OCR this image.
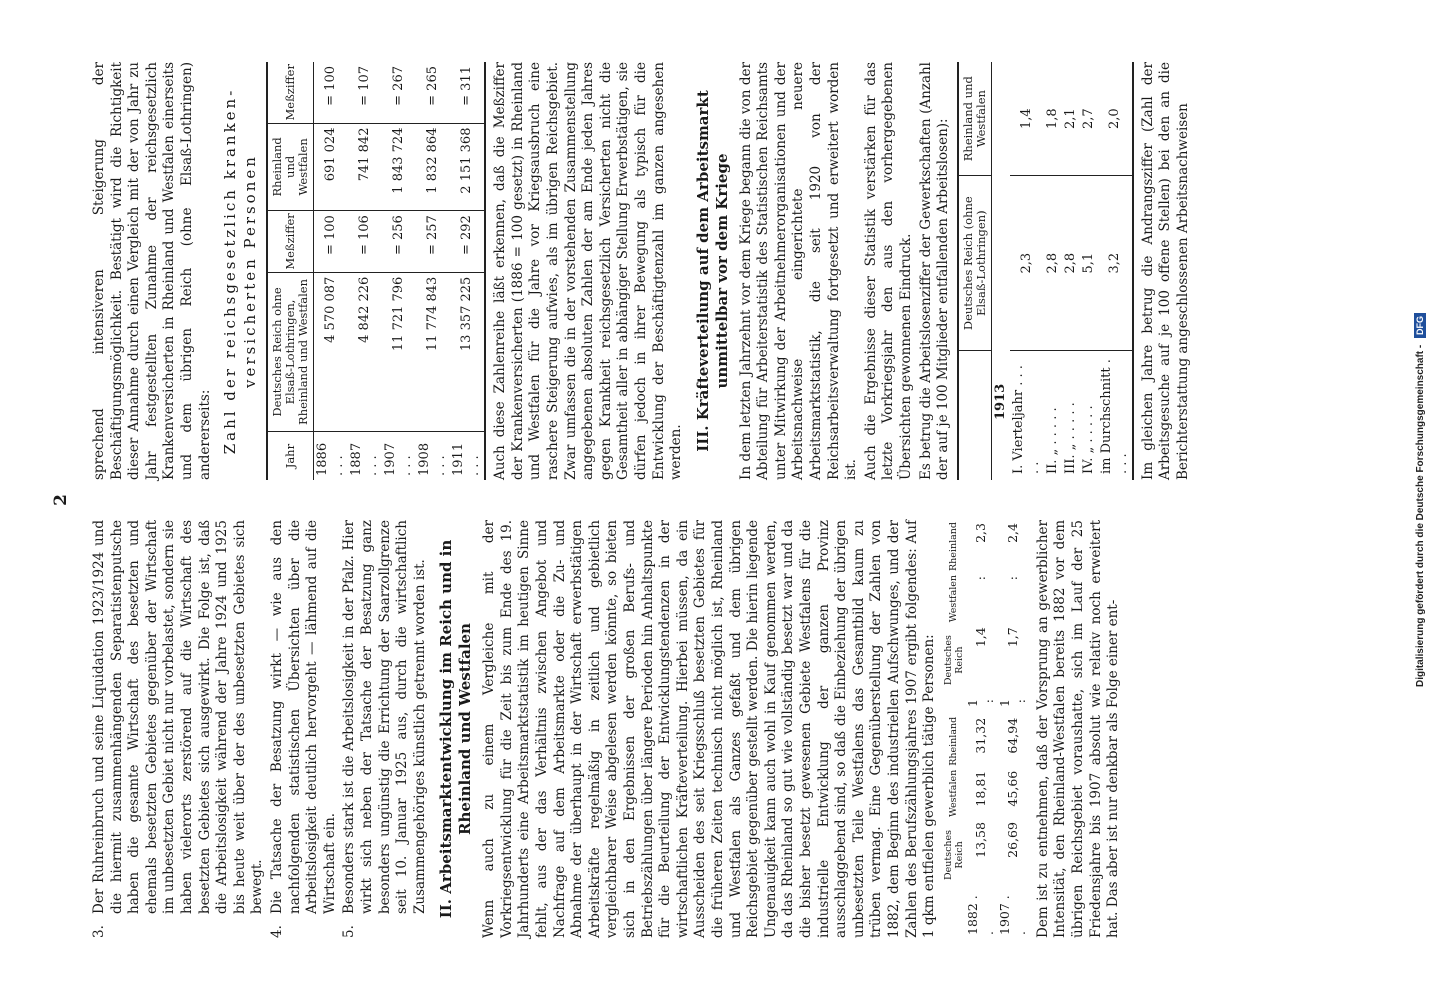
2
3.
Der Ruhreinbruch und seine Liquidation 1923/1924 und die hiermit zusammenhängenden Separatistenputsche haben die gesamte Wirtschaft des besetzten und ehemals besetzten Gebietes gegenüber der Wirtschaft im unbesetzten Gebiet nicht nur vorbelastet, sondern sie haben vielerorts zerstörend auf die Wirtschaft des besetzten Gebietes sich ausgewirkt. Die Folge ist, daß die Arbeitslosigkeit während der Jahre 1924 und 1925 bis heute weit über der des unbesetzten Gebietes sich bewegt.
4.
Die Tatsache der Besatzung wirkt — wie aus den nachfolgenden statistischen Übersichten über die Arbeitslosigkeit deutlich hervorgeht — lähmend auf die Wirtschaft ein.
5.
Besonders stark ist die Arbeitslosigkeit in der Pfalz. Hier wirkt sich neben der Tatsache der Besatzung ganz besonders ungünstig die Errichtung der Saarzollgrenze seit 10. Januar 1925 aus, durch die wirtschaftlich Zusammengehöriges künstlich getrennt worden ist. II. Arbeitsmarktentwicklung im Reich und in Rheinland und Westfalen Wenn auch zu einem Vergleiche mit der Vorkriegsentwicklung für die Zeit bis zum Ende des 19. Jahrhunderts eine Arbeitsmarktstatistik im heutigen Sinne fehlt, aus der das Verhältnis zwischen Angebot und Nachfrage auf dem Arbeitsmarkte oder die Zu- und Abnahme der überhaupt in der Wirtschaft erwerbstätigen Arbeitskräfte regelmäßig in zeitlich und gebietlich vergleichbarer Weise abgelesen werden könnte, so bieten sich in den Ergebnissen der großen Berufs- und Betriebszählungen über längere Perioden hin Anhaltspunkte für die Beurteilung der Entwicklungstendenzen in der wirtschaftlichen Kräfteverteilung. Hierbei müssen, da ein Ausscheiden des seit Kriegsschluß besetzten Gebietes für die früheren Zeiten technisch nicht möglich ist, Rheinland und Westfalen als Ganzes gefaßt und dem übrigen Reichsgebiet gegenüber gestellt werden. Die hierin liegende Ungenauigkeit kann auch wohl in Kauf genommen werden, da das Rheinland so gut wie vollständig besetzt war und da die bisher besetzt gewesenen Gebiete Westfalens für die industrielle Entwicklung der ganzen Provinz ausschlaggebend sind, so daß die Einbeziehung der übrigen unbesetzten Teile Westfalens das Gesamtbild kaum zu trüben vermag. Eine Gegenüberstellung der Zahlen von 1882, dem Beginn des industriellen Aufschwunges, und der Zahlen des Berufszählungsjahres 1907 ergibt folgendes: Auf 1 qkm entfielen gewerblich tätige Personen:

	Deutsches Reich	Westfalen	Rheinland		Deutsches Reich	Westfalen	Rheinland
1882 . .	13,58	18,81	31,32	1 :	1,4	:	2,3
1907 . .	26,69	45,66	64,94	1 :	1,7	:	2,4 Dem ist zu entnehmen, daß der Vorsprung an gewerblicher Intensität, den Rheinland-Westfalen bereits 1882 vor dem übrigen Reichsgebiet voraushatte, sich im Lauf der 25 Friedensjahre bis 1907 absolut wie relativ noch erweitert hat. Das aber ist nur denkbar als Folge einer ent-

sprechend intensiveren Steigerung der Beschäftigungsmöglichkeit. Bestätigt wird die Richtigkeit dieser Annahme durch einen Vergleich mit der von Jahr zu Jahr festgestellten Zunahme der reichsgesetzlich Krankenversicherten in Rheinland und Westfalen einerseits und dem übrigen Reich (ohne Elsaß-Lothringen) andererseits: Zahl der reichsgesetzlich kranken- versicherten Personen
Jahr	Deutsches Reich ohne Elsaß-Lothringen, Rheinland und Westfalen	Meßziffer	Rheinland und Westfalen	Meßziffer
1886 . . .	4 570 087	= 100	691 024	= 100
1887 . . .	4 842 226	= 106	741 842	= 107
1907 . . .	11 721 796	= 256	1 843 724	= 267
1908 . . .	11 774 843	= 257	1 832 864	= 265
1911 . . .	13 357 225	= 292	2 151 368	= 311 Auch diese Zahlenreihe läßt erkennen, daß die Meßziffer der Krankenversicherten (1886 = 100 gesetzt) in Rheinland und Westfalen für die Jahre vor Kriegsausbruch eine raschere Steigerung aufwies, als im übrigen Reichsgebiet. Zwar umfassen die in der vorstehenden Zusammenstellung angegebenen absoluten Zahlen der am Ende jeden Jahres gegen Krankheit reichsgesetzlich Versicherten nicht die Gesamtheit aller in abhängiger Stellung Erwerbstätigen, sie dürfen jedoch in ihrer Bewegung als typisch für die Entwicklung der Beschäftigtenzahl im ganzen angesehen werden. III. Kräfteverteilung auf dem Arbeitsmarkt unmittelbar vor dem Kriege In dem letzten Jahrzehnt vor dem Kriege begann die von der Abteilung für Arbeiterstatistik des Statistischen Reichsamts unter Mitwirkung der Arbeitnehmerorganisationen und der Arbeitsnachweise eingerichtete neuere Arbeitsmarktstatistik, die seit 1920 von der Reichsarbeitsverwaltung fortgesetzt und erweitert worden ist. Auch die Ergebnisse dieser Statistik verstärken für das letzte Vorkriegsjahr den aus den vorhergegebenen Übersichten gewonnenen Eindruck. Es betrug die Arbeitslosenziffer der Gewerkschaften (Anzahl der auf je 100 Mitglieder entfallenden Arbeitslosen):

	Deutsches Reich (ohne Elsaß-Lothringen)	Rheinland und Westfalen
1913		
I. Vierteljahr . . . . .	2,3	1,4
II. „ . . . . .	2,8	1,8
III. „ . . . . .	2,8	2,1
IV. „ . . . . .	5,1	2,7
im Durchschnitt . . . .	3,2	2,0 Im gleichen Jahre betrug die Andrangsziffer (Zahl der Arbeitsgesuche auf je 100 offene Stellen) bei den an die Berichterstattung angeschlossenen Arbeitsnachweisen

Digitalisierung gefördert durch die Deutsche Forschungsgemeinschaft - DFG
